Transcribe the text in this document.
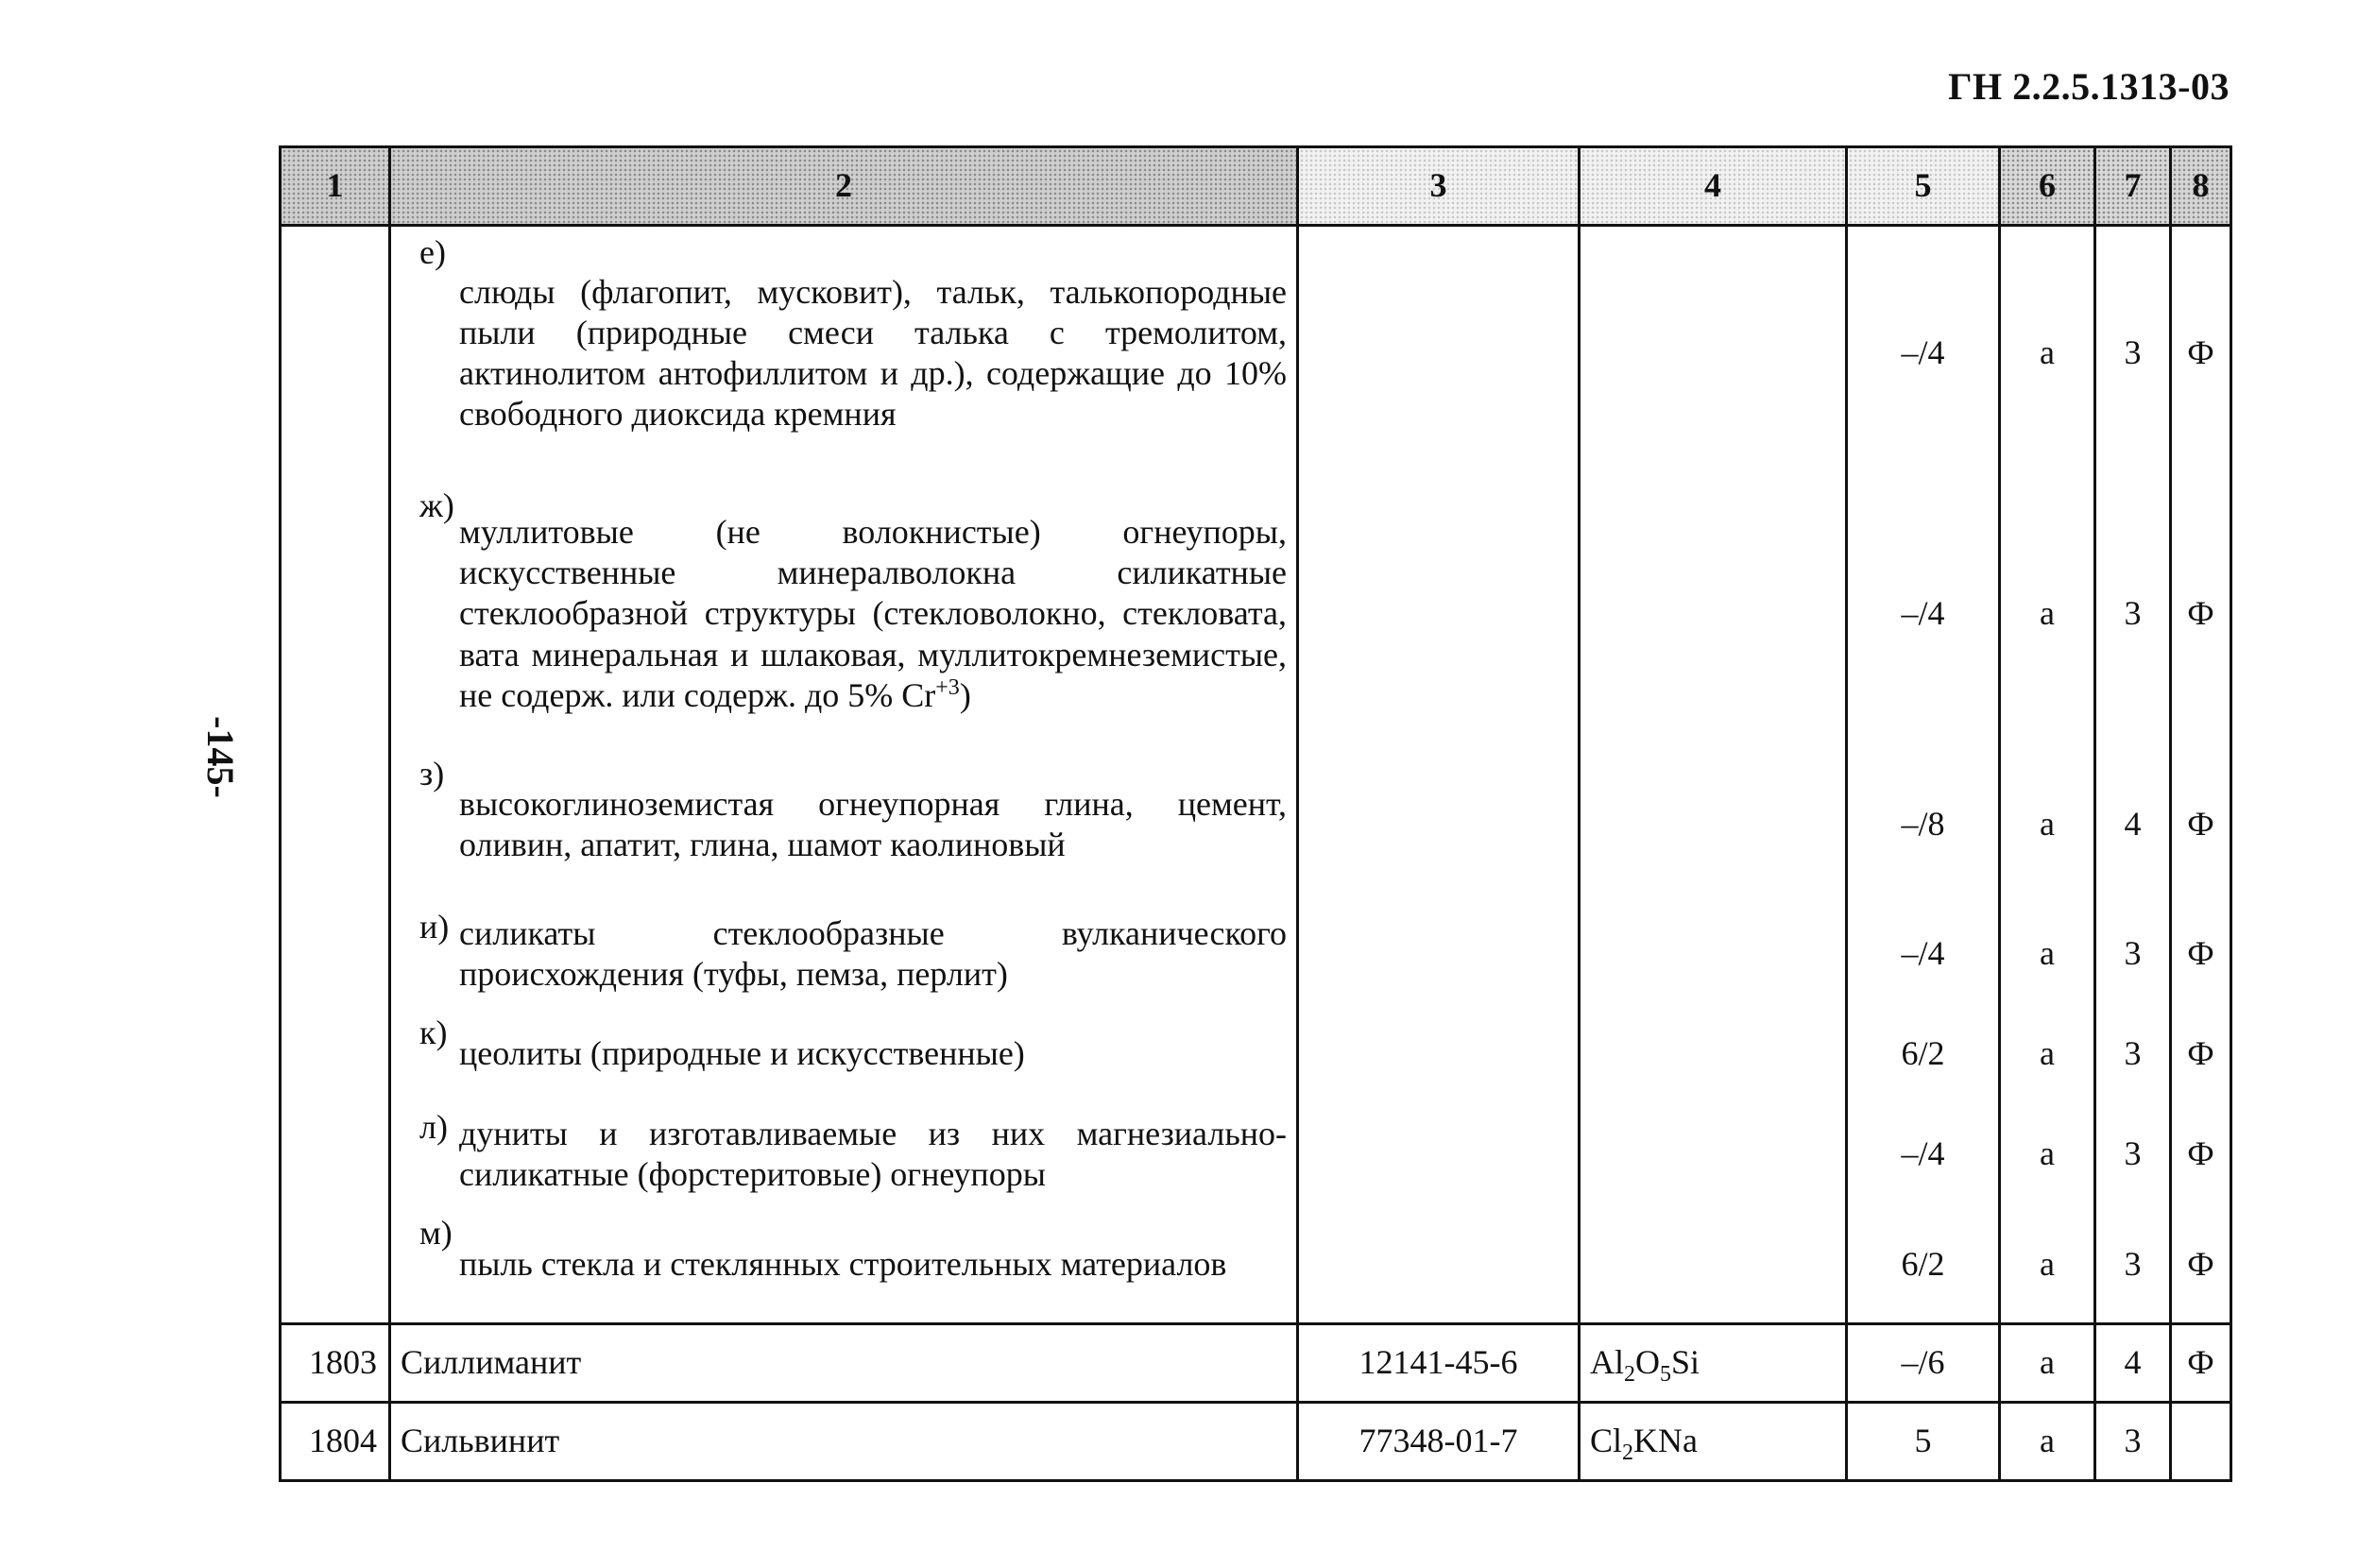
ГН 2.2.5.1313-03
-145-
1	2	3	4	5	6	7	8

	е)
слюды (флагопит, мусковит), тальк, талькопородные пыли (природные смеси талька с тремолитом, актинолитом антофиллитом и др.), содержащие до 10% свободного диоксида кремния			–/4	а	3	Ф

	ж)
муллитовые (не волокнистые) огнеупоры, искусственные минералволокна силикатные стеклообразной структуры (стекловолокно, стекловата, вата минеральная и шлаковая, муллитокремнеземистые, не содерж. или содерж. до 5% $Cr^{+3}$)			–/4	а	3	Ф

	з)
высокоглиноземистая огнеупорная глина, цемент, оливин, апатит, глина, шамот каолиновый			–/8	а	4	Ф

	и) силикаты стеклообразные вулканического происхождения (туфы, пемза, перлит)			–/4	а	3	Ф

	к)
цеолиты (природные и искусственные)			6/2	а	3	Ф

	л) дуниты и изготавливаемые из них магнезиально-силикатные (форстеритовые) огнеупоры			–/4	а	3	Ф

	м)
пыль стекла и стеклянных строительных материалов			6/2	а	3	Ф
1803	Силлиманит	12141-45-6	$Al_2O_5Si$	–/6	а	4	Ф
1804	Сильвинит	77348-01-7	$Cl_2KNa$	5	а	3	
